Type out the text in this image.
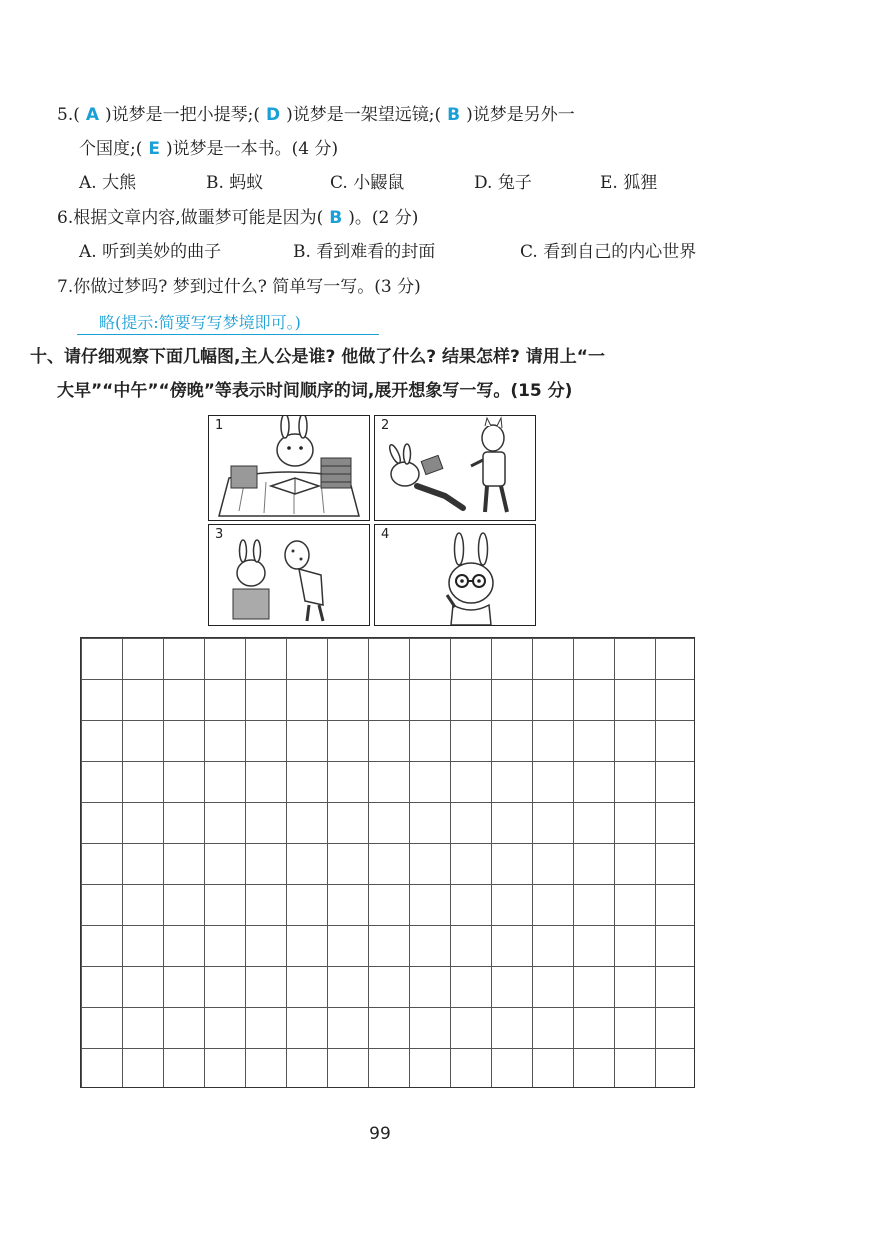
5.( A )说梦是一把小提琴;( D )说梦是一架望远镜;( B )说梦是另外一
个国度;( E )说梦是一本书。(4 分)
A. 大熊	B. 蚂蚁	C. 小鼹鼠	D. 兔子	E. 狐狸
6.根据文章内容,做噩梦可能是因为( B )。(2 分)
A. 听到美妙的曲子	B. 看到难看的封面	C. 看到自己的内心世界
7.你做过梦吗? 梦到过什么? 简单写一写。(3 分)
略(提示:简要写写梦境即可。)
十、请仔细观察下面几幅图,主人公是谁? 他做了什么? 结果怎样? 请用上“一
大早”“中午”“傍晚”等表示时间顺序的词,展开想象写一写。(15 分)
1	2
3	4
99
